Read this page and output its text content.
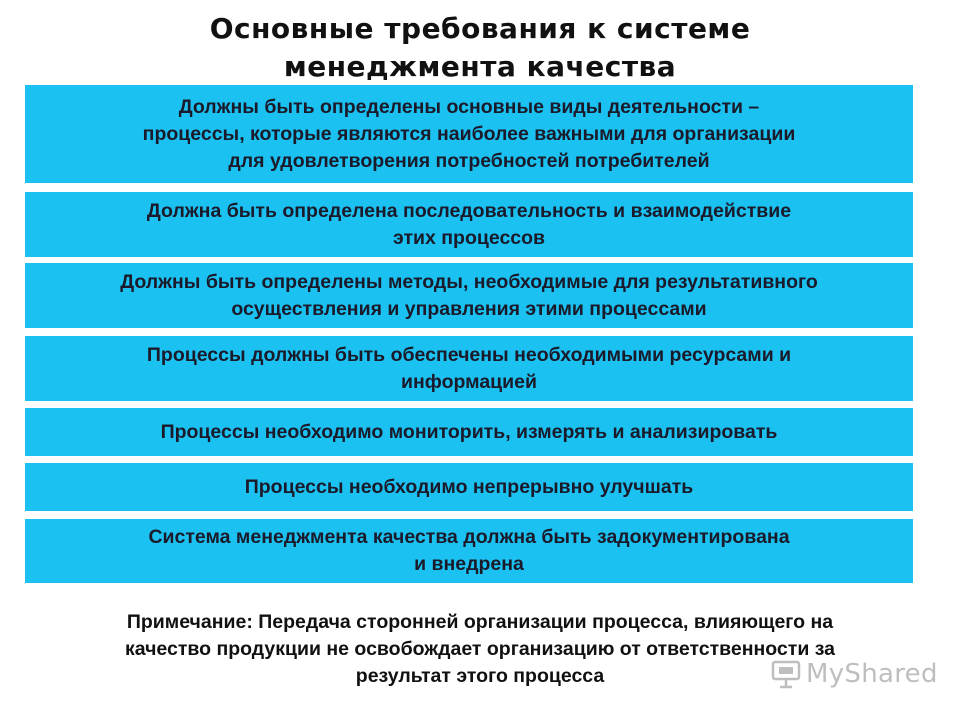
Основные требования к системе
менеджмента качества
Должны быть определены основные виды деятельности –
процессы, которые являются наиболее важными для организации
для удовлетворения потребностей потребителей
Должна быть определена последовательность и взаимодействие
этих процессов
Должны быть определены методы, необходимые для результативного
осуществления и управления этими процессами
Процессы должны быть обеспечены необходимыми ресурсами и
информацией
Процессы необходимо мониторить, измерять и анализировать
Процессы необходимо непрерывно улучшать
Система менеджмента качества должна быть задокументирована
и внедрена
Примечание: Передача сторонней организации процесса, влияющего на
качество продукции не освобождает организацию от ответственности за
результат этого процесса	MyShared
